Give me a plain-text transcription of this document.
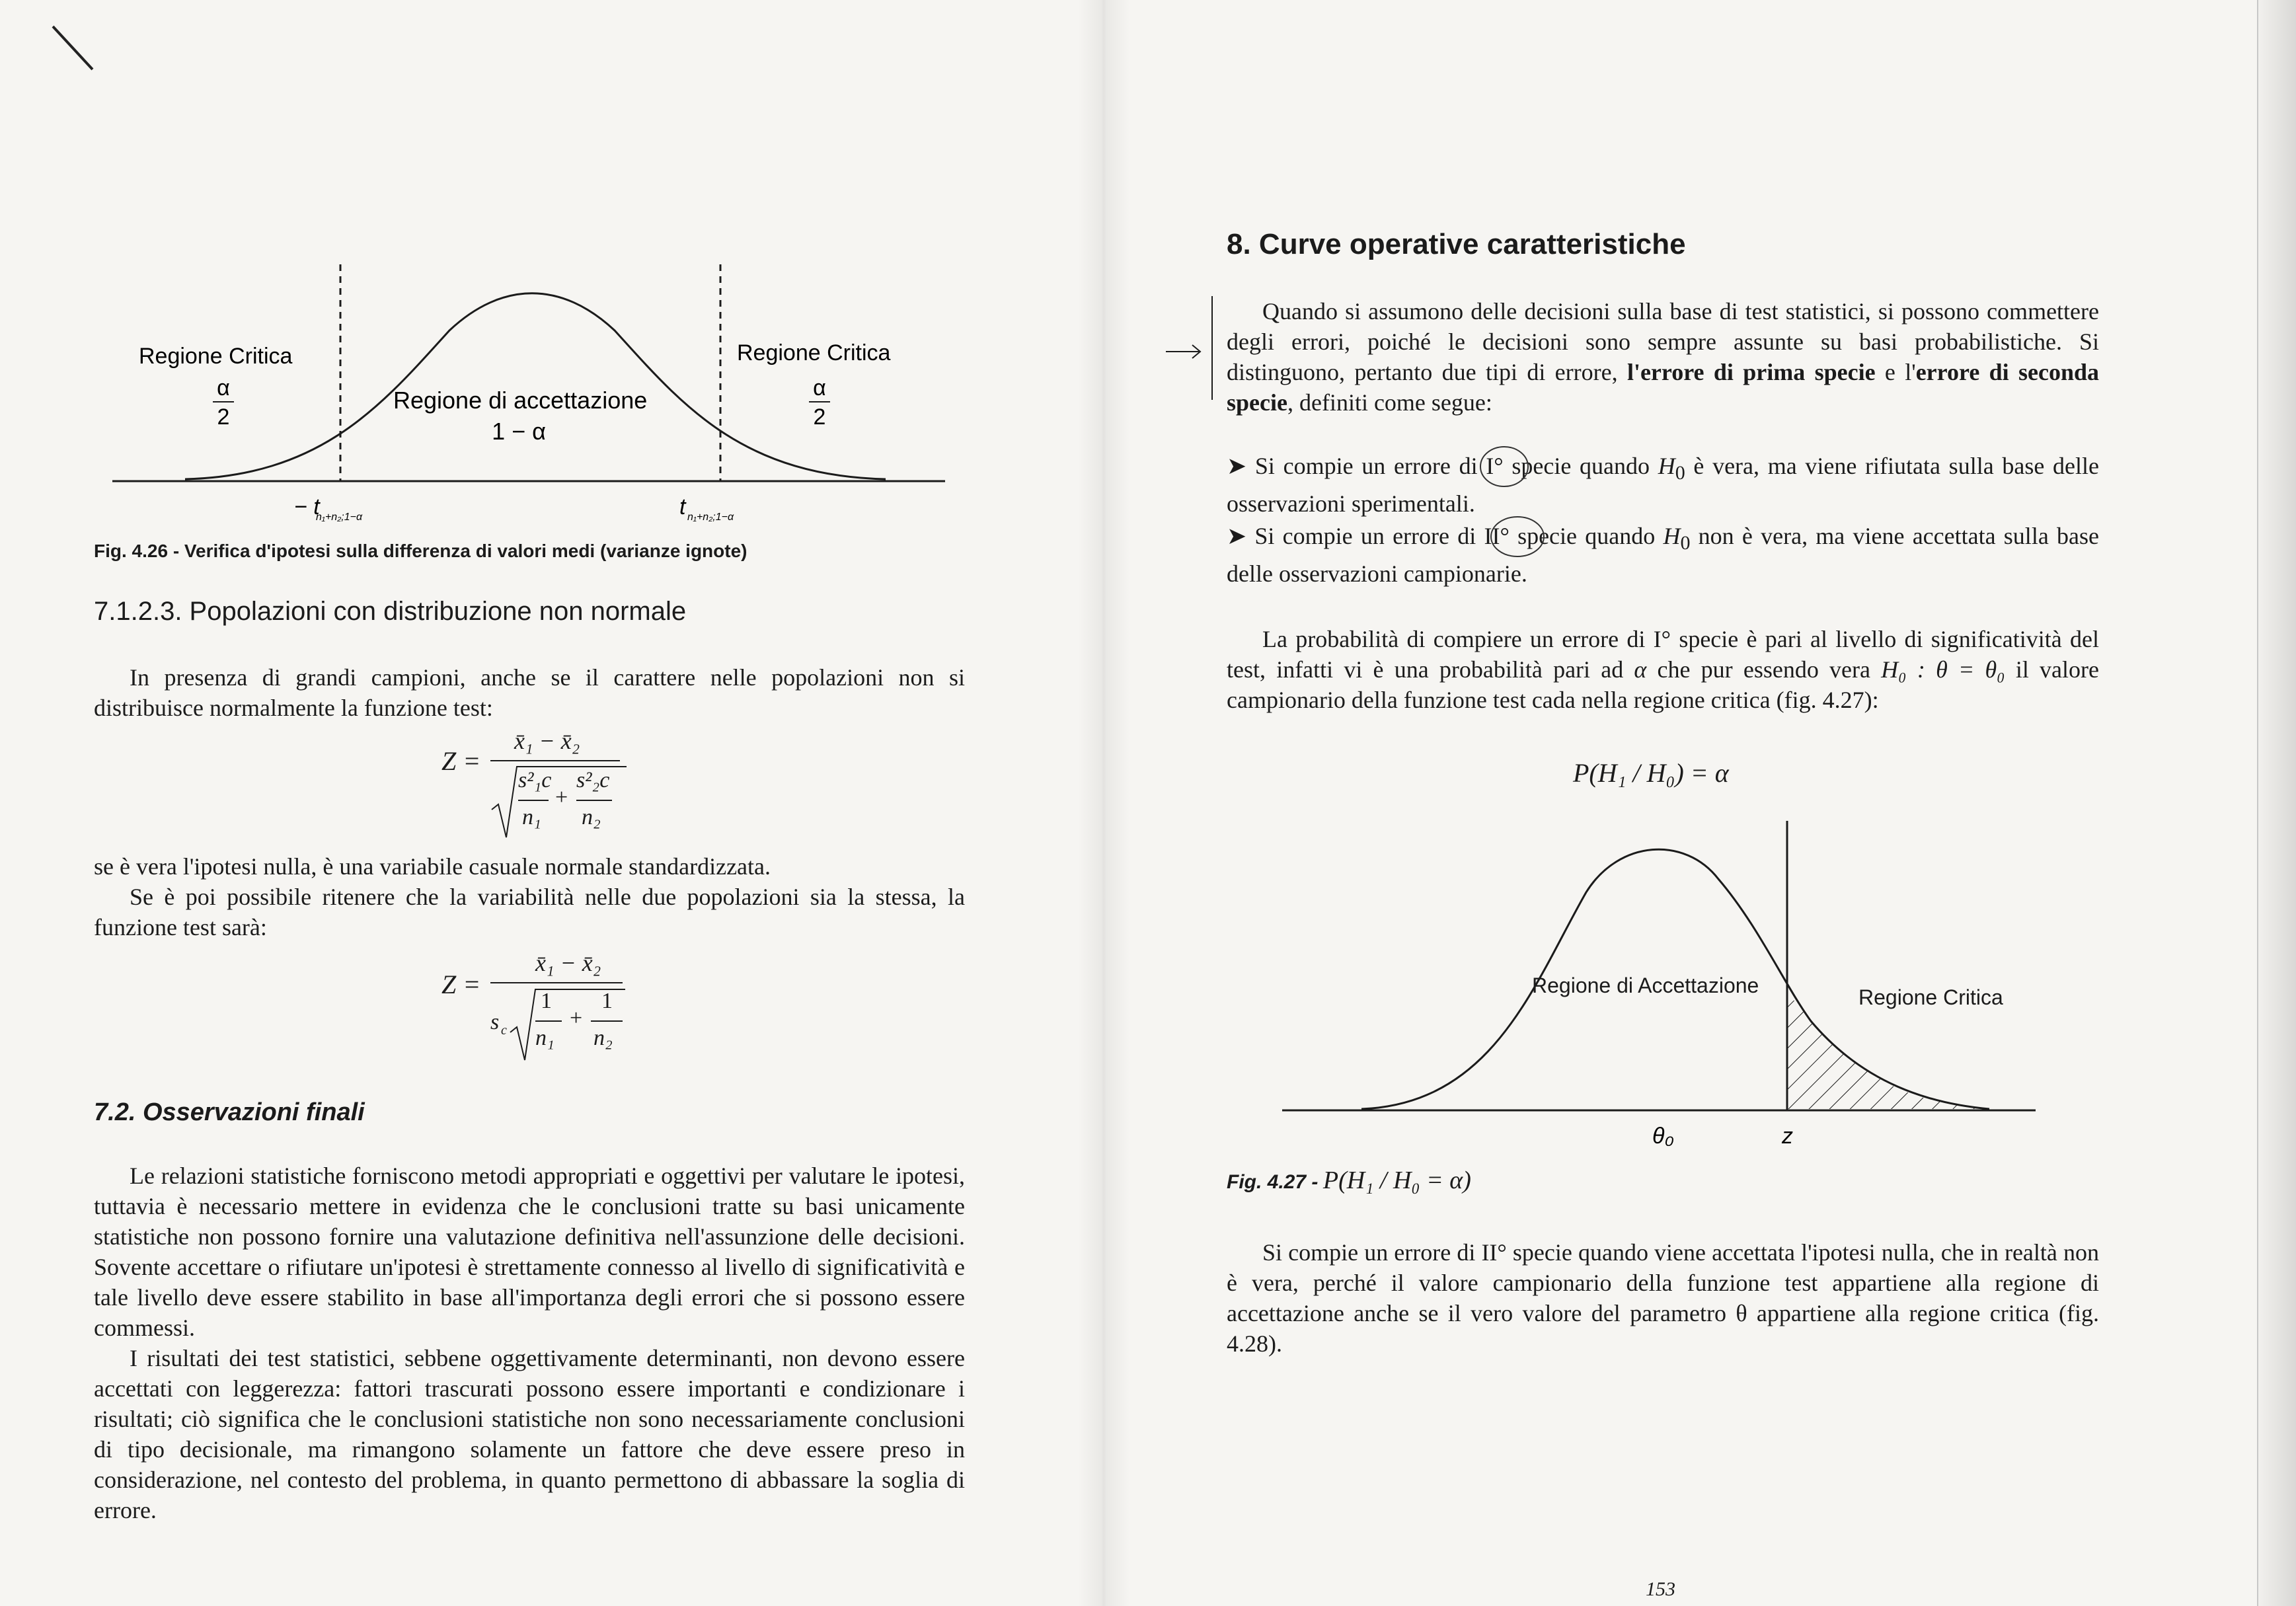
Regione Critica
α
2
Regione di accettazione
1 − α
Regione Critica
α
2
− t
n₁+n₂;1−α	t n₁+n₂;1−α
Fig. 4.26 - Verifica d'ipotesi sulla differenza di valori medi (varianze ignote)
7.1.2.3. Popolazioni con distribuzione non normale

In presenza di grandi campioni, anche se il carattere nelle popolazioni non si distribuisce normalmente la funzione test:

Z =
x̄₁ − x̄₂
s²₁c
+
s²₂c
n₁ n₂

se è vera l'ipotesi nulla, è una variabile casuale normale standardizzata.

Se è poi possibile ritenere che la variabilità nelle due popolazioni sia la stessa, la funzione test sarà:

Z =
x̄₁ − x̄₂
s c
1
+
1
n₁ n₂
7.2. Osservazioni finali

Le relazioni statistiche forniscono metodi appropriati e oggettivi per valutare le ipotesi, tuttavia è necessario mettere in evidenza che le conclusioni tratte su basi unicamente statistiche non possono fornire una valutazione definitiva nell'assunzione delle decisioni. Sovente accettare o rifiutare un'ipotesi è strettamente connesso al livello di significatività e tale livello deve essere stabilito in base all'importanza degli errori che si possono essere commessi.

I risultati dei test statistici, sebbene oggettivamente determinanti, non devono essere accettati con leggerezza: fattori trascurati possono essere importanti e condizionare i risultati; ciò significa che le conclusioni statistiche non sono necessariamente conclusioni di tipo decisionale, ma rimangono solamente un fattore che deve essere preso in considerazione, nel contesto del problema, in quanto permettono di abbassare la soglia di errore.

8. Curve operative caratteristiche

Quando si assumono delle decisioni sulla base di test statistici, si possono commettere degli errori, poiché le decisioni sono sempre assunte su basi probabilistiche. Si distinguono, pertanto due tipi di errore, l'errore di prima specie e l'errore di seconda specie, definiti come segue:

➤ Si compie un errore di I° specie quando $H_0$ è vera, ma viene rifiutata sulla base delle osservazioni sperimentali.

➤ Si compie un errore di II° specie quando $H_0$ non è vera, ma viene accettata sulla base delle osservazioni campionarie.

La probabilità di compiere un errore di I° specie è pari al livello di significatività del test, infatti vi è una probabilità pari ad α che pur essendo vera H₀ : θ = θ₀ il valore campionario della funzione test cada nella regione critica (fig. 4.27):

P(H₁ / H₀) = α
Regione di Accettazione	Regione Critica
θ₀	z
Fig. 4.27 - P(H₁ / H₀ = α)

Si compie un errore di II° specie quando viene accettata l'ipotesi nulla, che in realtà non è vera, perché il valore campionario della funzione test appartiene alla regione di accettazione anche se il vero valore del parametro θ appartiene alla regione critica (fig. 4.28).

153
